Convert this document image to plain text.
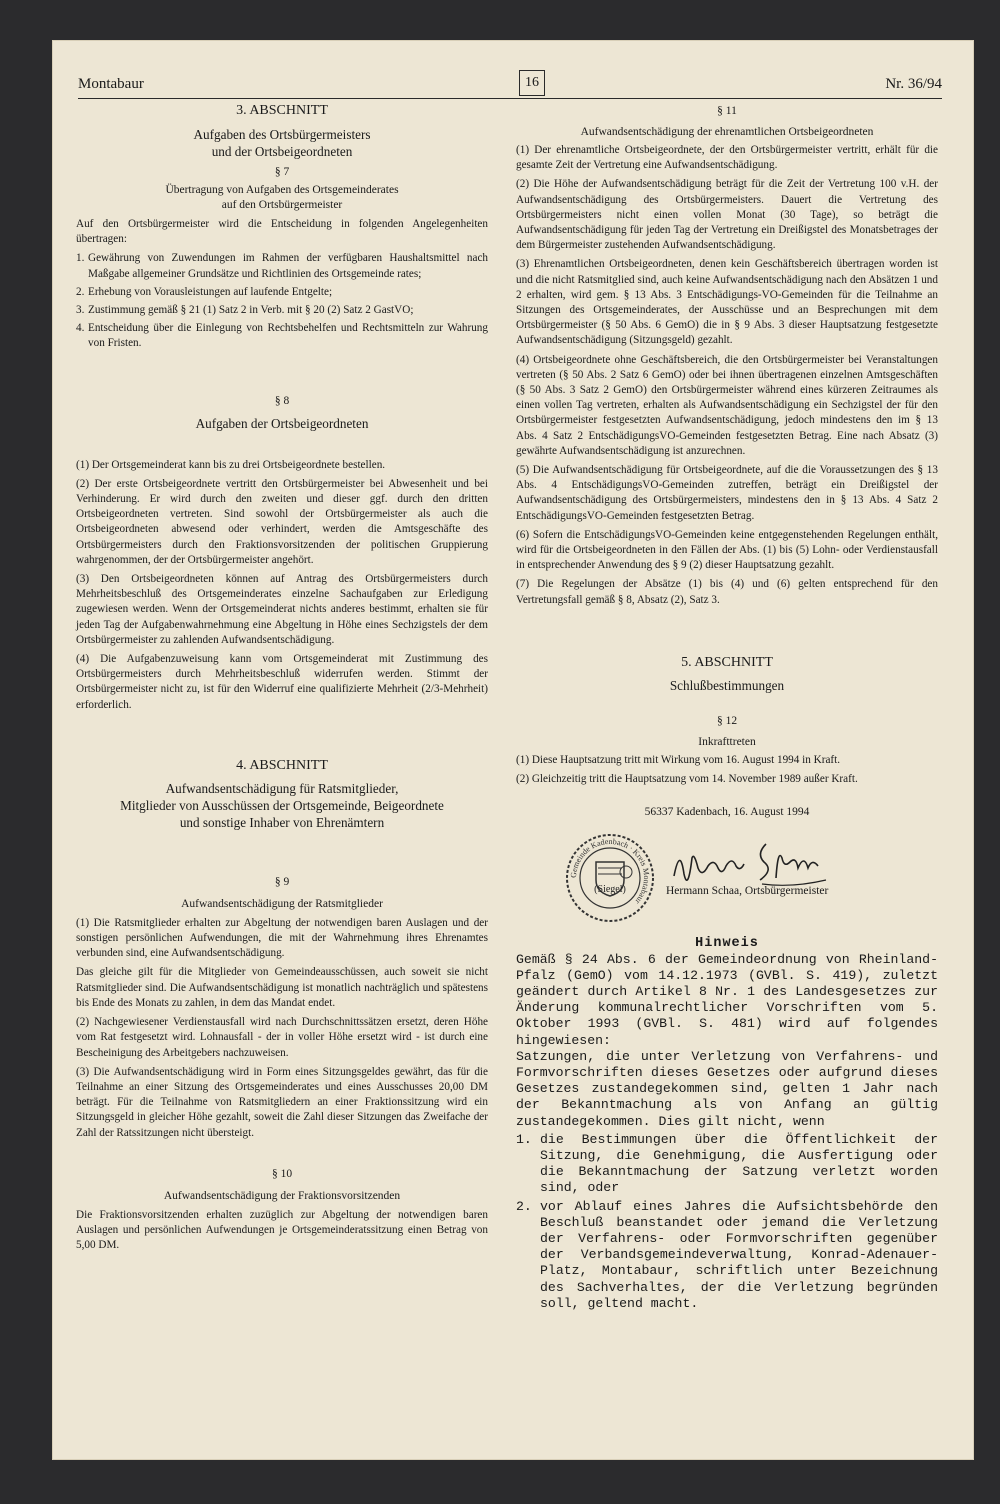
Montabaur	16	Nr. 36/94
3. ABSCHNITT
Aufgaben des Ortsbürgermeisters
und der Ortsbeigeordneten
§ 7
Übertragung von Aufgaben des Ortsgemeinderates
auf den Ortsbürgermeister

Auf den Ortsbürgermeister wird die Entscheidung in folgenden Angelegenheiten übertragen:

1. Gewährung von Zuwendungen im Rahmen der verfügbaren Haushaltsmittel nach Maßgabe allgemeiner Grundsätze und Richtlinien des Ortsgemeinde rates;
2. Erhebung von Vorausleistungen auf laufende Entgelte;
3. Zustimmung gemäß § 21 (1) Satz 2 in Verb. mit § 20 (2) Satz 2 GastVO;
4. Entscheidung über die Einlegung von Rechtsbehelfen und Rechtsmitteln zur Wahrung von Fristen.
§ 8
Aufgaben der Ortsbeigeordneten

(1) Der Ortsgemeinderat kann bis zu drei Ortsbeigeordnete bestellen.

(2) Der erste Ortsbeigeordnete vertritt den Ortsbürgermeister bei Abwesenheit und bei Verhinderung. Er wird durch den zweiten und dieser ggf. durch den dritten Ortsbeigeordneten vertreten. Sind sowohl der Ortsbürgermeister als auch die Ortsbeigeordneten abwesend oder verhindert, werden die Amtsgeschäfte des Ortsbürgermeisters durch den Fraktionsvorsitzenden der politischen Gruppierung wahrgenommen, der der Ortsbürgermeister angehört.

(3) Den Ortsbeigeordneten können auf Antrag des Ortsbürgermeisters durch Mehrheitsbeschluß des Ortsgemeinderates einzelne Sachaufgaben zur Erledigung zugewiesen werden. Wenn der Ortsgemeinderat nichts anderes bestimmt, erhalten sie für jeden Tag der Aufgabenwahrnehmung eine Abgeltung in Höhe eines Sechzigstels der dem Ortsbürgermeister zu zahlenden Aufwandsentschädigung.

(4) Die Aufgabenzuweisung kann vom Ortsgemeinderat mit Zustimmung des Ortsbürgermeisters durch Mehrheitsbeschluß widerrufen werden. Stimmt der Ortsbürgermeister nicht zu, ist für den Widerruf eine qualifizierte Mehrheit (2/3-Mehrheit) erforderlich.

4. ABSCHNITT
Aufwandsentschädigung für Ratsmitglieder,
Mitglieder von Ausschüssen der Ortsgemeinde, Beigeordnete
und sonstige Inhaber von Ehrenämtern
§ 9
Aufwandsentschädigung der Ratsmitglieder

(1) Die Ratsmitglieder erhalten zur Abgeltung der notwendigen baren Auslagen und der sonstigen persönlichen Aufwendungen, die mit der Wahrnehmung ihres Ehrenamtes verbunden sind, eine Aufwandsentschädigung.

Das gleiche gilt für die Mitglieder von Gemeindeausschüssen, auch soweit sie nicht Ratsmitglieder sind. Die Aufwandsentschädigung ist monatlich nachträglich und spätestens bis Ende des Monats zu zahlen, in dem das Mandat endet.

(2) Nachgewiesener Verdienstausfall wird nach Durchschnittssätzen ersetzt, deren Höhe vom Rat festgesetzt wird. Lohnausfall - der in voller Höhe ersetzt wird - ist durch eine Bescheinigung des Arbeitgebers nachzuweisen.

(3) Die Aufwandsentschädigung wird in Form eines Sitzungsgeldes gewährt, das für die Teilnahme an einer Sitzung des Ortsgemeinderates und eines Ausschusses 20,00 DM beträgt. Für die Teilnahme von Ratsmitgliedern an einer Fraktionssitzung wird ein Sitzungsgeld in gleicher Höhe gezahlt, soweit die Zahl dieser Sitzungen das Zweifache der Zahl der Ratssitzungen nicht übersteigt.

§ 10
Aufwandsentschädigung der Fraktionsvorsitzenden

Die Fraktionsvorsitzenden erhalten zuzüglich zur Abgeltung der notwendigen baren Auslagen und persönlichen Aufwendungen je Ortsgemeinderatssitzung einen Betrag von 5,00 DM.

§ 11
Aufwandsentschädigung der ehrenamtlichen Ortsbeigeordneten

(1) Der ehrenamtliche Ortsbeigeordnete, der den Ortsbürgermeister vertritt, erhält für die gesamte Zeit der Vertretung eine Aufwandsentschädigung.

(2) Die Höhe der Aufwandsentschädigung beträgt für die Zeit der Vertretung 100 v.H. der Aufwandsentschädigung des Ortsbürgermeisters. Dauert die Vertretung des Ortsbürgermeisters nicht einen vollen Monat (30 Tage), so beträgt die Aufwandsentschädigung für jeden Tag der Vertretung ein Dreißigstel des Monatsbetrages der dem Bürgermeister zustehenden Aufwandsentschädigung.

(3) Ehrenamtlichen Ortsbeigeordneten, denen kein Geschäftsbereich übertragen worden ist und die nicht Ratsmitglied sind, auch keine Aufwandsentschädigung nach den Absätzen 1 und 2 erhalten, wird gem. § 13 Abs. 3 Entschädigungs-VO-Gemeinden für die Teilnahme an Sitzungen des Ortsgemeinderates, der Ausschüsse und an Besprechungen mit dem Ortsbürgermeister (§ 50 Abs. 6 GemO) die in § 9 Abs. 3 dieser Hauptsatzung festgesetzte Aufwandsentschädigung (Sitzungsgeld) gezahlt.

(4) Ortsbeigeordnete ohne Geschäftsbereich, die den Ortsbürgermeister bei Veranstaltungen vertreten (§ 50 Abs. 2 Satz 6 GemO) oder bei ihnen übertragenen einzelnen Amtsgeschäften (§ 50 Abs. 3 Satz 2 GemO) den Ortsbürgermeister während eines kürzeren Zeitraumes als einen vollen Tag vertreten, erhalten als Aufwandsentschädigung ein Sechzigstel der für den Ortsbürgermeister festgesetzten Aufwandsentschädigung, jedoch mindestens den im § 13 Abs. 4 Satz 2 EntschädigungsVO-Gemeinden festgesetzten Betrag. Eine nach Absatz (3) gewährte Aufwandsentschädigung ist anzurechnen.

(5) Die Aufwandsentschädigung für Ortsbeigeordnete, auf die die Voraussetzungen des § 13 Abs. 4 EntschädigungsVO-Gemeinden zutreffen, beträgt ein Dreißigstel der Aufwandsentschädigung des Ortsbürgermeisters, mindestens den in § 13 Abs. 4 Satz 2 EntschädigungsVO-Gemeinden festgesetzten Betrag.

(6) Sofern die EntschädigungsVO-Gemeinden keine entgegenstehenden Regelungen enthält, wird für die Ortsbeigeordneten in den Fällen der Abs. (1) bis (5) Lohn- oder Verdienstausfall in entsprechender Anwendung des § 9 (2) dieser Hauptsatzung gezahlt.

(7) Die Regelungen der Absätze (1) bis (4) und (6) gelten entsprechend für den Vertretungsfall gemäß § 8, Absatz (2), Satz 3.

5. ABSCHNITT
Schlußbestimmungen
§ 12
Inkrafttreten

(1) Diese Hauptsatzung tritt mit Wirkung vom 16. August 1994 in Kraft.

(2) Gleichzeitig tritt die Hauptsatzung vom 14. November 1989 außer Kraft.

56337 Kadenbach, 16. August 1994
Gemeinde Kadenbach · Kreis Montabaur
(Siegel)	Hermann Schaa, Ortsbürgermeister
Hinweis

Gemäß § 24 Abs. 6 der Gemeindeordnung von Rheinland-Pfalz (GemO) vom 14.12.1973 (GVBl. S. 419), zuletzt geändert durch Artikel 8 Nr. 1 des Landesgesetzes zur Änderung kommunalrechtlicher Vorschriften vom 5. Oktober 1993 (GVBl. S. 481) wird auf folgendes hingewiesen:

Satzungen, die unter Verletzung von Verfahrens- und Formvorschriften dieses Gesetzes oder aufgrund dieses Gesetzes zustandegekommen sind, gelten 1 Jahr nach der Bekanntmachung als von Anfang an gültig zustandegekommen. Dies gilt nicht, wenn

1. die Bestimmungen über die Öffentlichkeit der Sitzung, die Genehmigung, die Ausfertigung oder die Bekanntmachung der Satzung verletzt worden sind, oder
2. vor Ablauf eines Jahres die Aufsichtsbehörde den Beschluß beanstandet oder jemand die Verletzung der Verfahrens- oder Formvorschriften gegenüber der Verbandsgemeindeverwaltung, Konrad-Adenauer-Platz, Montabaur, schriftlich unter Bezeichnung des Sachverhaltes, der die Verletzung begründen soll, geltend macht.
